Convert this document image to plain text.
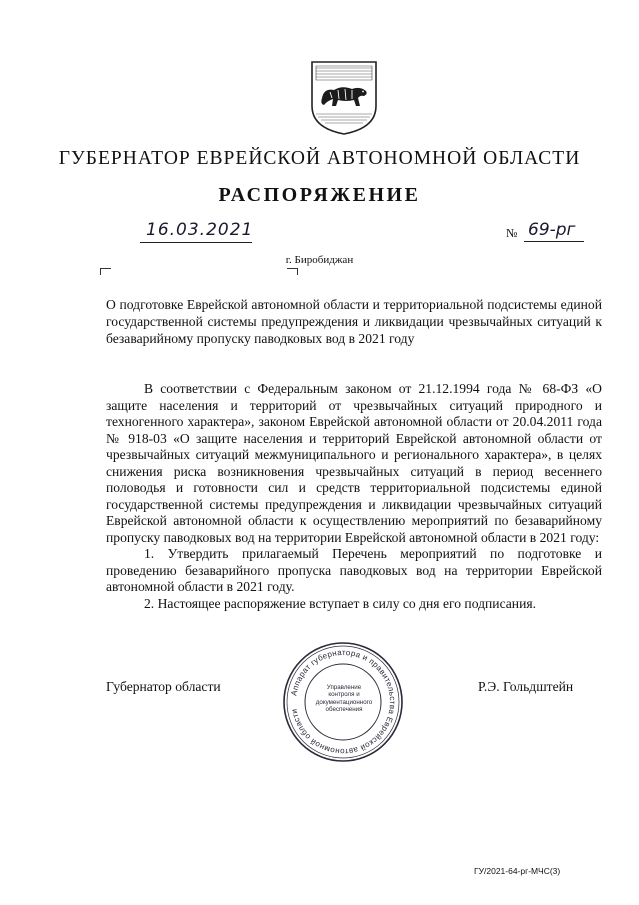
ГУБЕРНАТОР ЕВРЕЙСКОЙ АВТОНОМНОЙ ОБЛАСТИ
РАСПОРЯЖЕНИЕ
16.03.2021	№ 69-рг
г. Биробиджан
О подготовке Еврейской автономной области и территориальной подсистемы единой государственной системы предупреждения и ликвидации чрезвычайных ситуаций к безаварийному пропуску паводковых вод в 2021 году

В соответствии с Федеральным законом от 21.12.1994 года № 68-ФЗ «О защите населения и территорий от чрезвычайных ситуаций природного и техногенного характера», законом Еврейской автономной области от 20.04.2011 года № 918-03 «О защите населения и территорий Еврейской автономной области от чрезвычайных ситуаций межмуниципального и регионального характера», в целях снижения риска возникновения чрезвычайных ситуаций в период весеннего половодья и готовности сил и средств территориальной подсистемы единой государственной системы предупреждения и ликвидации чрезвычайных ситуаций Еврейской автономной области к осуществлению мероприятий по безаварийному пропуску паводковых вод на территории Еврейской автономной области в 2021 году:

1. Утвердить прилагаемый Перечень мероприятий по подготовке и проведению безаварийного пропуска паводковых вод на территории Еврейской автономной области в 2021 году.

2. Настоящее распоряжение вступает в силу со дня его подписания.

Губернатор области	Р.Э. Гольдштейн
Аппарат губернатора и правительства Еврейской автономной области
Управление контроля и
документационного
обеспечения
ГУ/2021-64-рг-МЧС(3)
